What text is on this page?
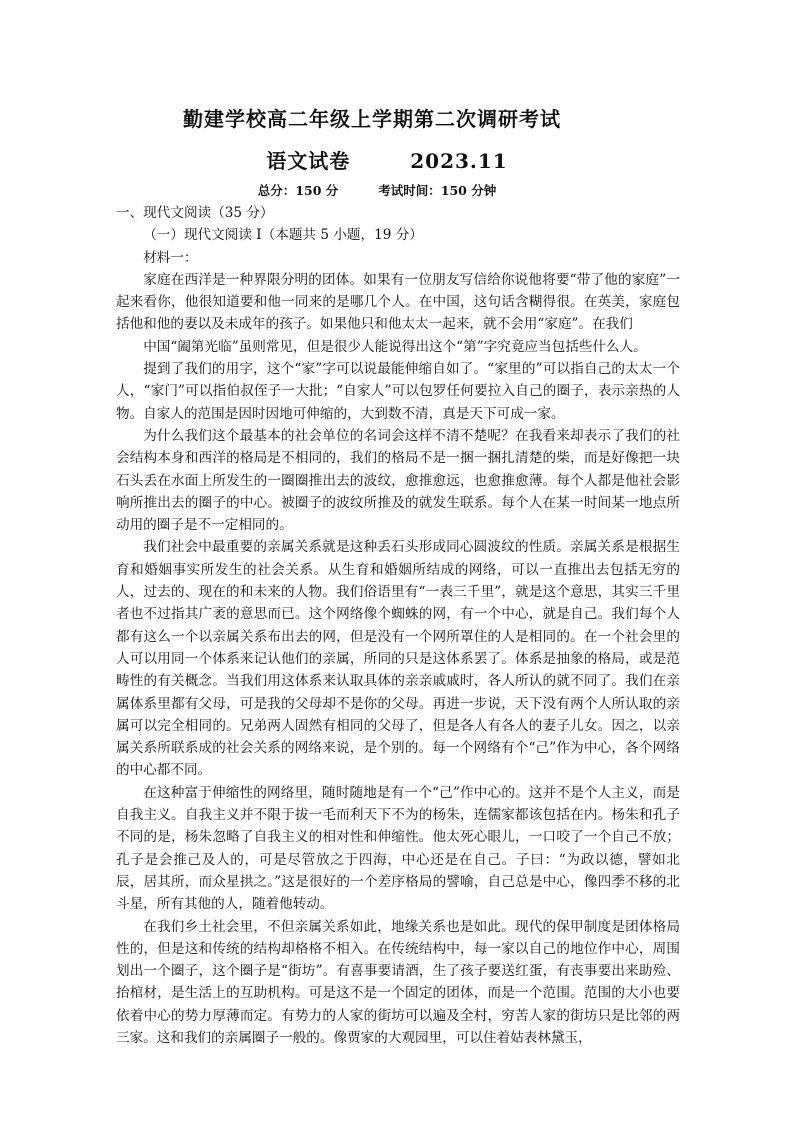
勤建学校高二年级上学期第二次调研考试
语文试卷	2023.11
总分：150 分	考试时间：150 分钟

一、现代文阅读（35 分）

（一）现代文阅读 I（本题共 5 小题，19 分）

材料一：

家庭在西洋是一种界限分明的团体。如果有一位朋友写信给你说他将要“带了他的家庭”一起来看你，他很知道要和他一同来的是哪几个人。在中国，这句话含糊得很。在英美，家庭包括他和他的妻以及未成年的孩子。如果他只和他太太一起来，就不会用“家庭”。在我们

中国“阖第光临”虽则常见，但是很少人能说得出这个“第”字究竟应当包括些什么人。

提到了我们的用字，这个“家”字可以说最能伸缩自如了。“家里的”可以指自己的太太一个人，“家门”可以指伯叔侄子一大批；“自家人”可以包罗任何要拉入自己的圈子，表示亲热的人物。自家人的范围是因时因地可伸缩的，大到数不清，真是天下可成一家。

为什么我们这个最基本的社会单位的名词会这样不清不楚呢？在我看来却表示了我们的社会结构本身和西洋的格局是不相同的，我们的格局不是一捆一捆扎清楚的柴，而是好像把一块石头丢在水面上所发生的一圈圈推出去的波纹，愈推愈远，也愈推愈薄。每个人都是他社会影响所推出去的圈子的中心。被圈子的波纹所推及的就发生联系。每个人在某一时间某一地点所动用的圈子是不一定相同的。

我们社会中最重要的亲属关系就是这种丢石头形成同心圆波纹的性质。亲属关系是根据生育和婚姻事实所发生的社会关系。从生育和婚姻所结成的网络，可以一直推出去包括无穷的人，过去的、现在的和未来的人物。我们俗语里有“一表三千里”，就是这个意思，其实三千里者也不过指其广袤的意思而已。这个网络像个蜘蛛的网，有一个中心，就是自己。我们每个人都有这么一个以亲属关系布出去的网，但是没有一个网所罩住的人是相同的。在一个社会里的人可以用同一个体系来记认他们的亲属，所同的只是这体系罢了。体系是抽象的格局，或是范畴性的有关概念。当我们用这体系来认取具体的亲亲戚戚时，各人所认的就不同了。我们在亲属体系里都有父母，可是我的父母却不是你的父母。再进一步说，天下没有两个人所认取的亲属可以完全相同的。兄弟两人固然有相同的父母了，但是各人有各人的妻子儿女。因之，以亲属关系所联系成的社会关系的网络来说，是个别的。每一个网络有个“己”作为中心，各个网络的中心都不同。

在这种富于伸缩性的网络里，随时随地是有一个“己”作中心的。这并不是个人主义，而是自我主义。自我主义并不限于拔一毛而利天下不为的杨朱，连儒家都该包括在内。杨朱和孔子不同的是，杨朱忽略了自我主义的相对性和伸缩性。他太死心眼儿，一口咬了一个自己不放；孔子是会推己及人的，可是尽管放之于四海，中心还是在自己。子曰：“为政以德，譬如北辰，居其所，而众星拱之。”这是很好的一个差序格局的譬喻，自己总是中心，像四季不移的北斗星，所有其他的人，随着他转动。

在我们乡土社会里，不但亲属关系如此，地缘关系也是如此。现代的保甲制度是团体格局性的，但是这和传统的结构却格格不相入。在传统结构中，每一家以自己的地位作中心，周围划出一个圈子，这个圈子是“街坊”。有喜事要请酒，生了孩子要送红蛋，有丧事要出来助殓、抬棺材，是生活上的互助机构。可是这不是一个固定的团体，而是一个范围。范围的大小也要依着中心的势力厚薄而定。有势力的人家的街坊可以遍及全村，穷苦人家的街坊只是比邻的两三家。这和我们的亲属圈子一般的。像贾家的大观园里，可以住着姑表林黛玉，
